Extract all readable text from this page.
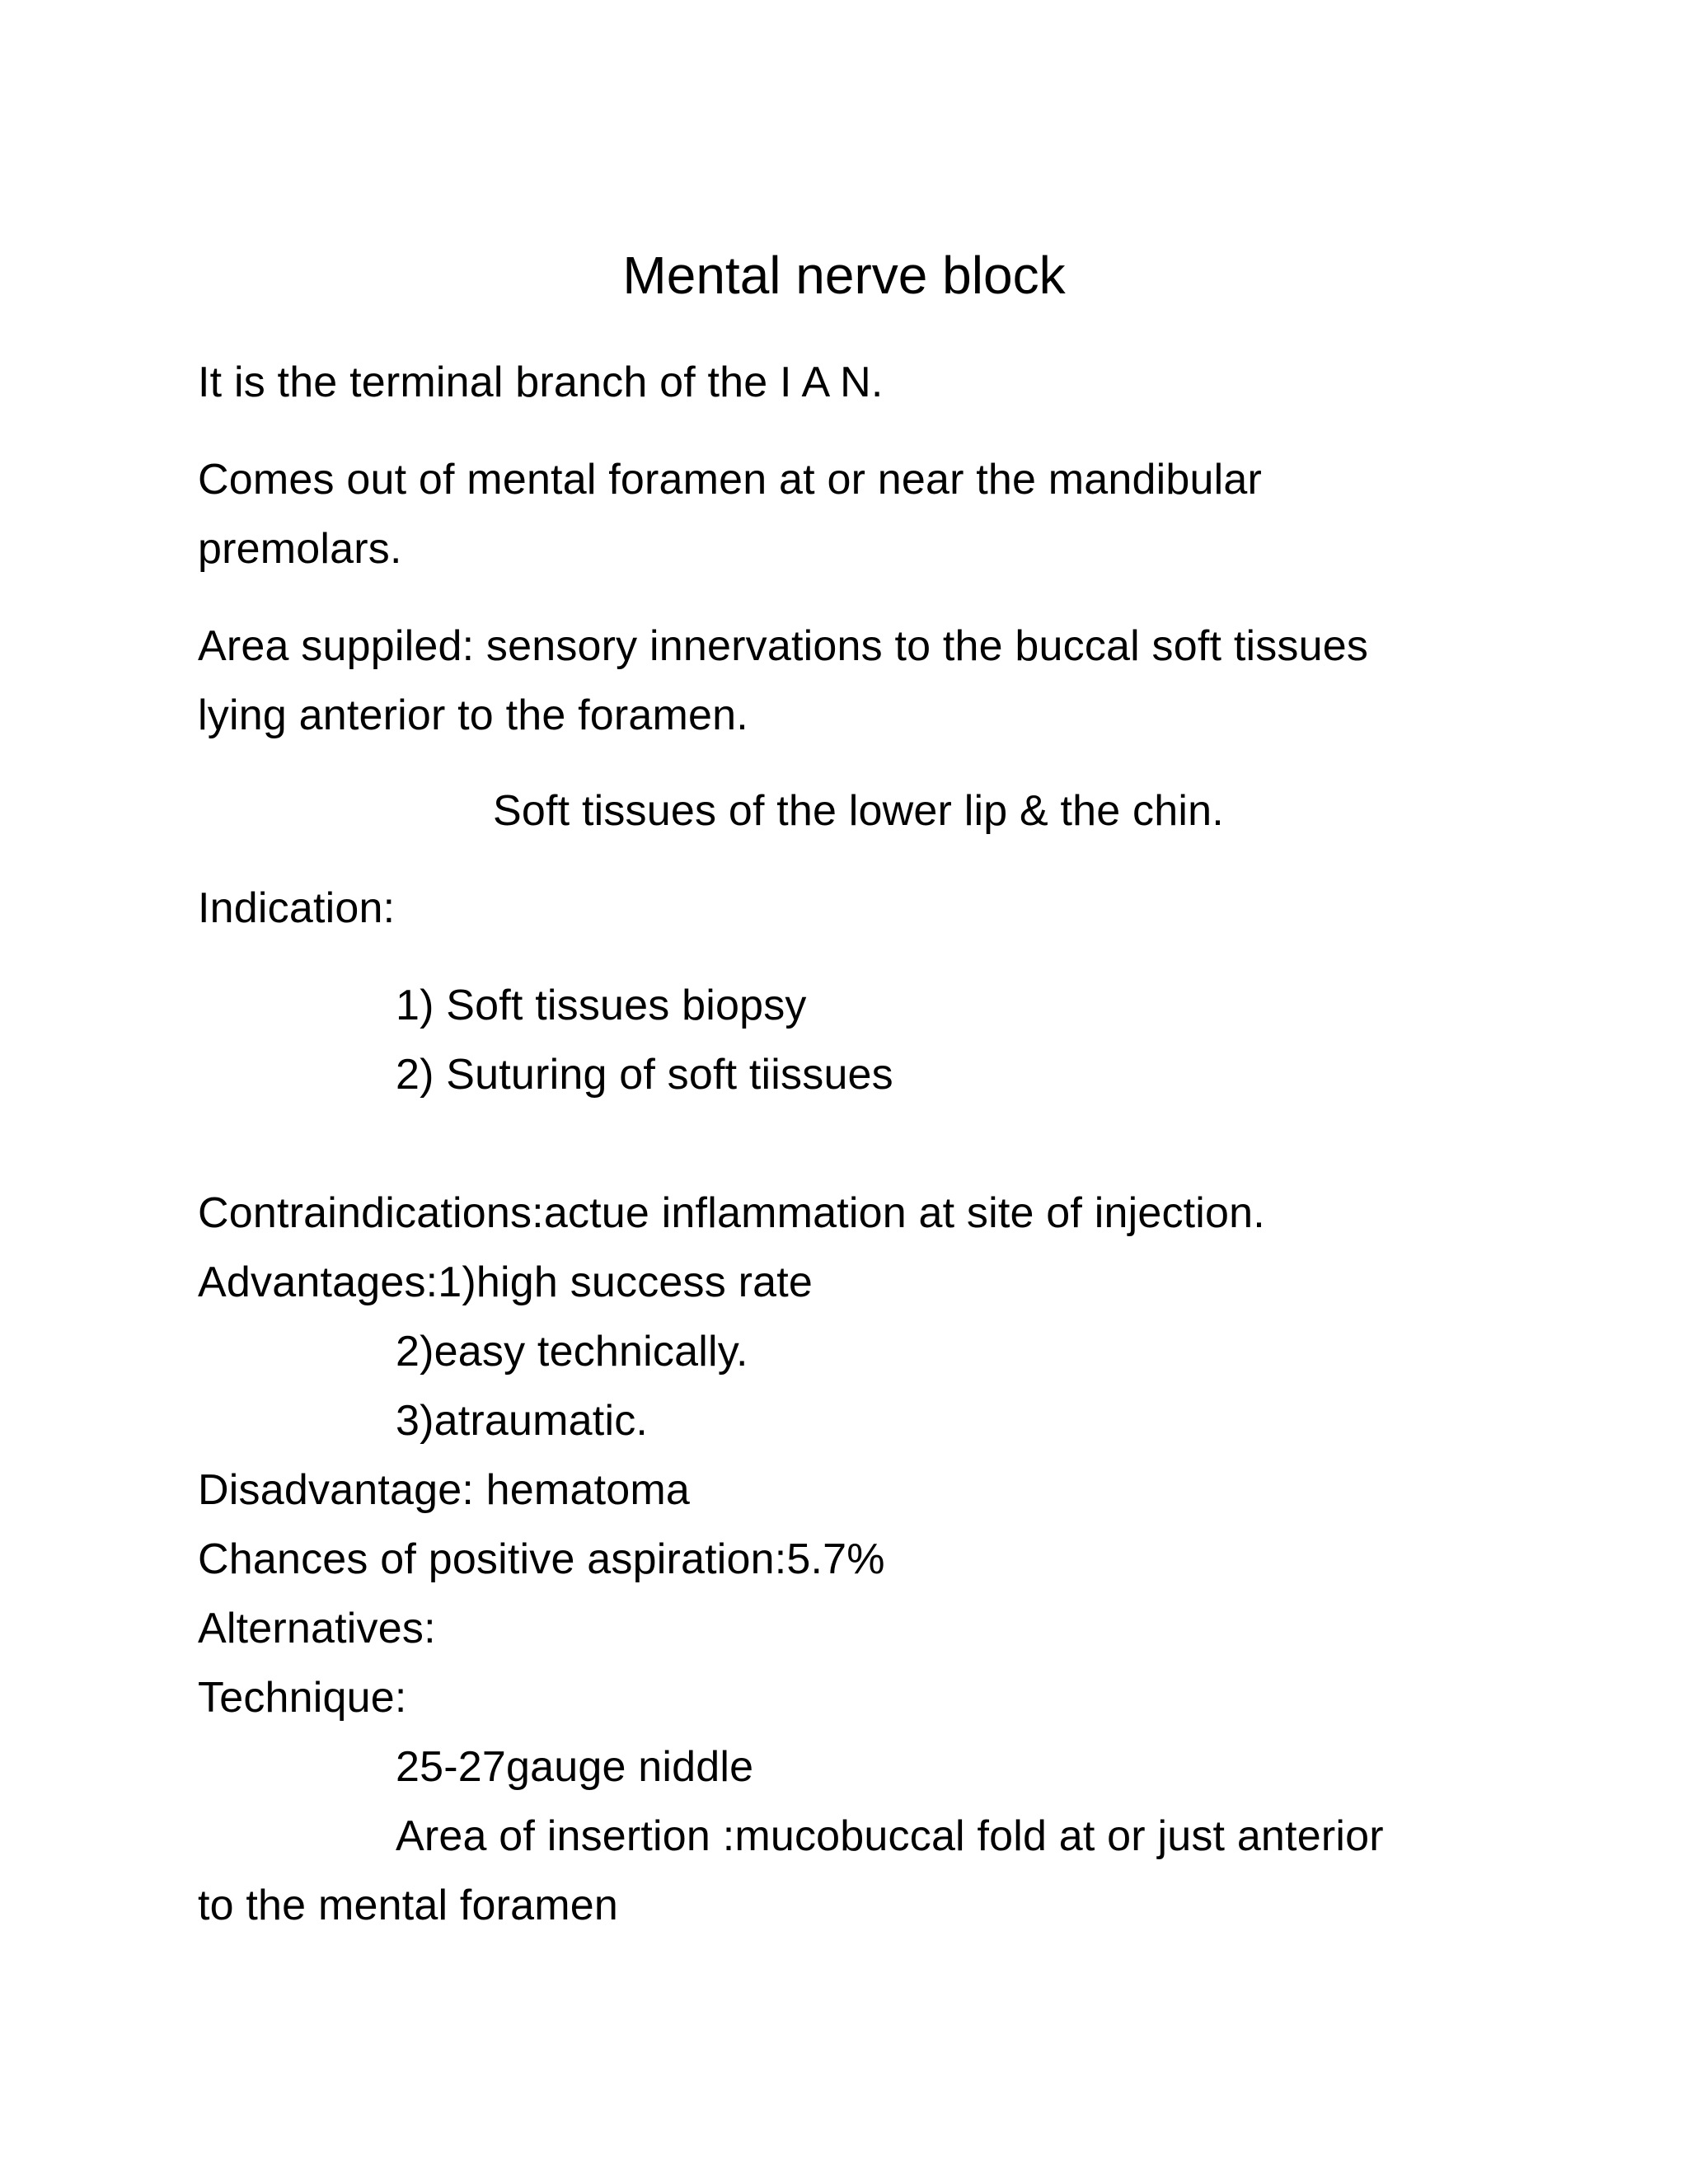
Mental nerve block
It is the terminal branch of the I A N.
Comes out of mental foramen at or near the mandibular
premolars.
Area suppiled: sensory innervations to the buccal soft tissues
lying anterior to the foramen.
Soft tissues of the lower lip & the chin.
Indication:
1) Soft tissues biopsy
2) Suturing of soft tiissues
Contraindications:actue inflammation at site of injection.
Advantages:1)high success rate
2)easy technically.
3)atraumatic.
Disadvantage: hematoma
Chances of positive aspiration:5.7%
Alternatives:
Technique:
25-27gauge niddle
Area of insertion :mucobuccal fold at or just anterior
to the mental foramen
